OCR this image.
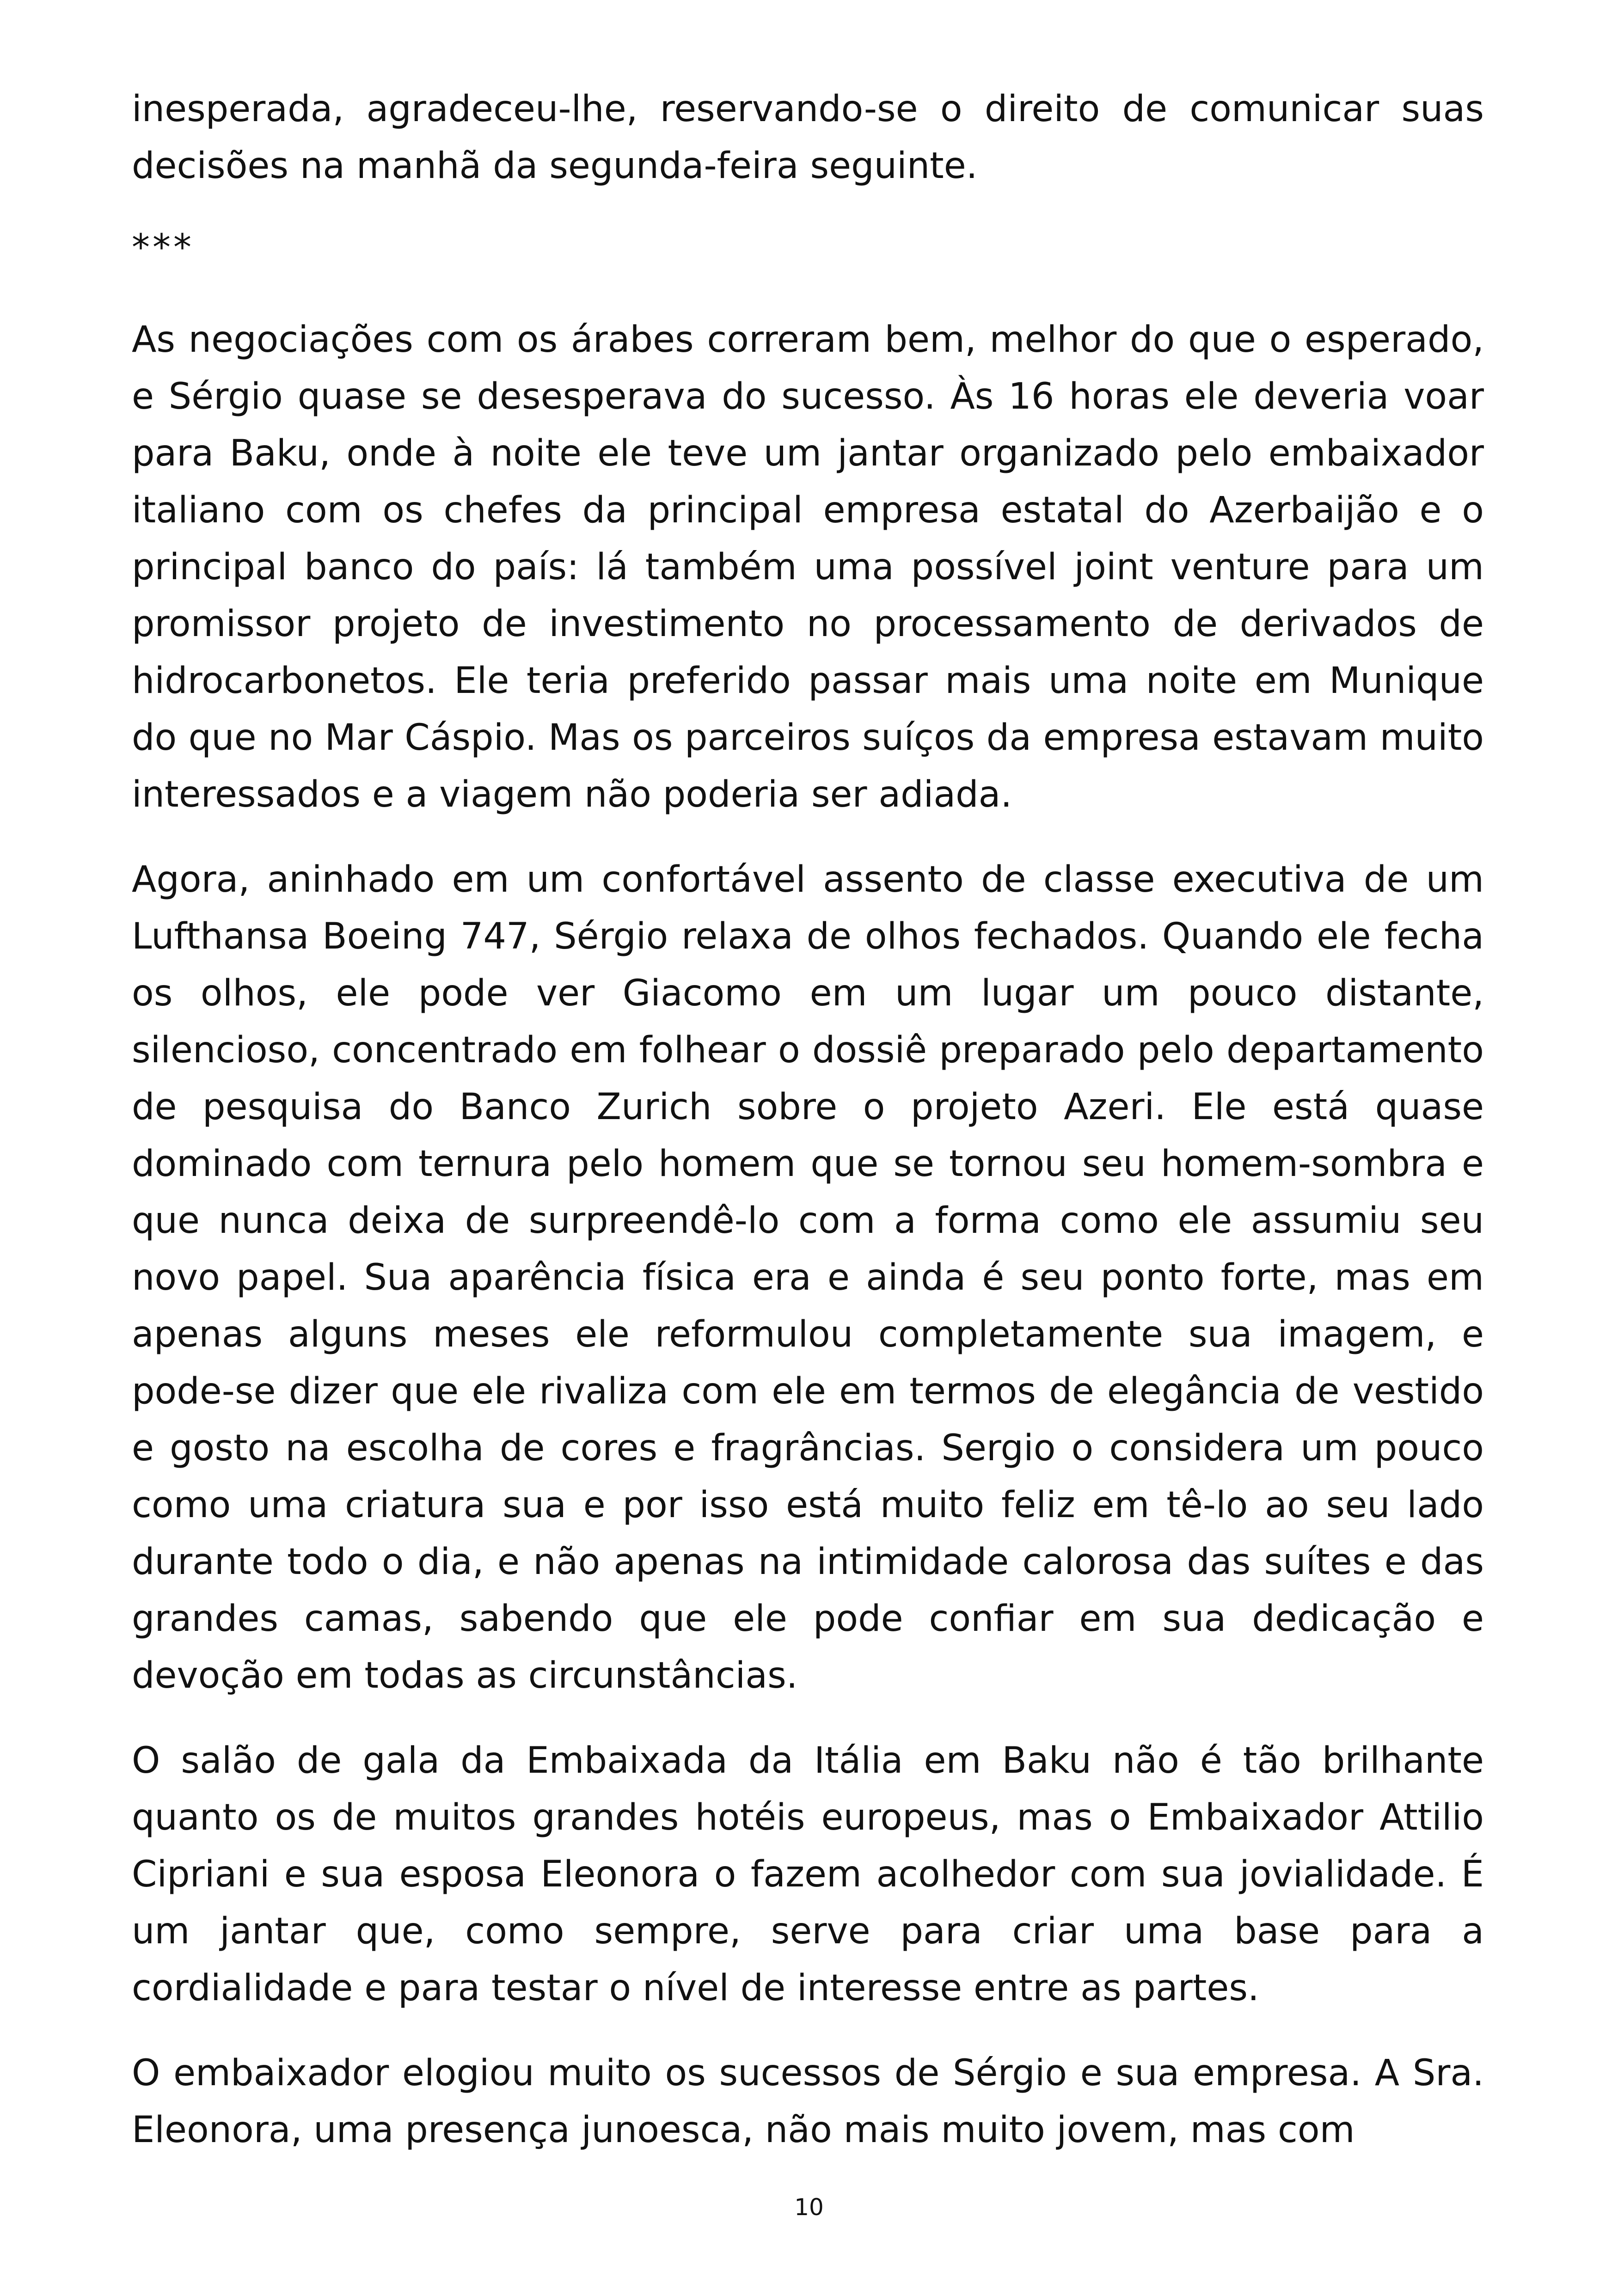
inesperada, agradeceu-lhe, reservando-se o direito de comunicar suas decisões na manhã da segunda-feira seguinte.

***

As negociações com os árabes correram bem, melhor do que o esperado, e Sérgio quase se desesperava do sucesso. Às 16 horas ele deveria voar para Baku, onde à noite ele teve um jantar organizado pelo embaixador italiano com os chefes da principal empresa estatal do Azerbaijão e o principal banco do país: lá também uma possível joint venture para um promissor projeto de investimento no processamento de derivados de hidrocarbonetos. Ele teria preferido passar mais uma noite em Munique do que no Mar Cáspio. Mas os parceiros suíços da empresa estavam muito interessados e a viagem não poderia ser adiada.

Agora, aninhado em um confortável assento de classe executiva de um Lufthansa Boeing 747, Sérgio relaxa de olhos fechados. Quando ele fecha os olhos, ele pode ver Giacomo em um lugar um pouco distante, silencioso, concentrado em folhear o dossiê preparado pelo departamento de pesquisa do Banco Zurich sobre o projeto Azeri. Ele está quase dominado com ternura pelo homem que se tornou seu homem-sombra e que nunca deixa de surpreendê-lo com a forma como ele assumiu seu novo papel. Sua aparência física era e ainda é seu ponto forte, mas em apenas alguns meses ele reformulou completamente sua imagem, e pode-se dizer que ele rivaliza com ele em termos de elegância de vestido e gosto na escolha de cores e fragrâncias. Sergio o considera um pouco como uma criatura sua e por isso está muito feliz em tê-lo ao seu lado durante todo o dia, e não apenas na intimidade calorosa das suítes e das grandes camas, sabendo que ele pode confiar em sua dedicação e devoção em todas as circunstâncias.

O salão de gala da Embaixada da Itália em Baku não é tão brilhante quanto os de muitos grandes hotéis europeus, mas o Embaixador Attilio Cipriani e sua esposa Eleonora o fazem acolhedor com sua jovialidade. É um jantar que, como sempre, serve para criar uma base para a cordialidade e para testar o nível de interesse entre as partes.

O embaixador elogiou muito os sucessos de Sérgio e sua empresa. A Sra. Eleonora, uma presença junoesca, não mais muito jovem, mas com

10
